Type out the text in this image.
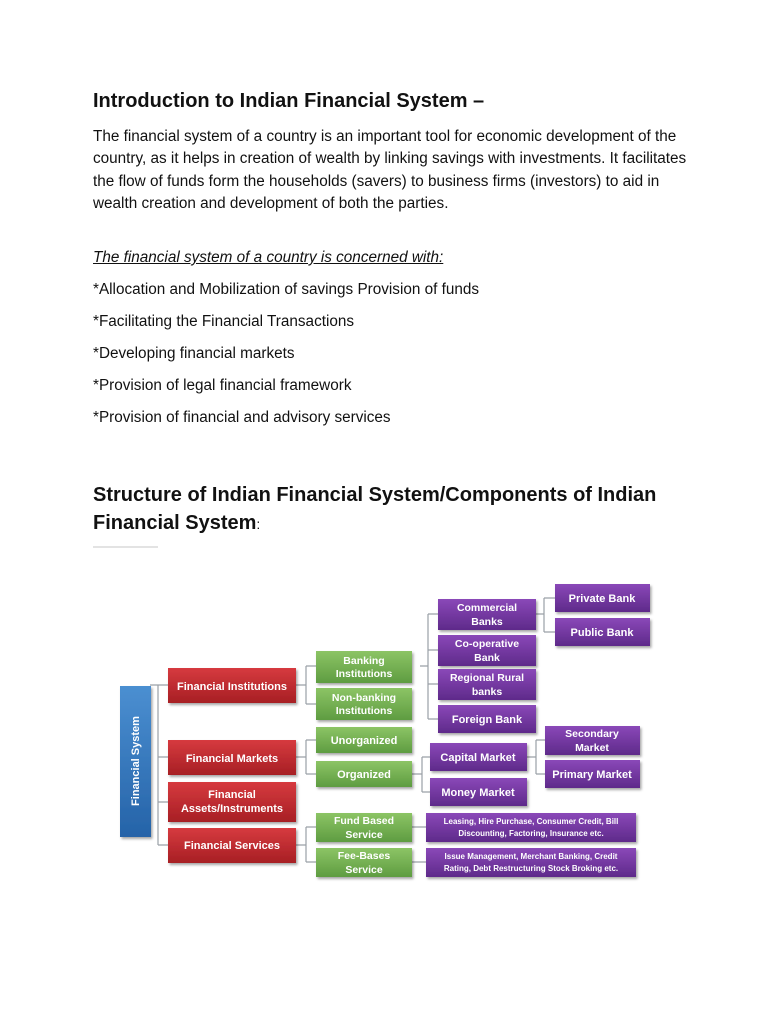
Introduction to Indian Financial System –

The financial system of a country is an important tool for economic development of the country, as it helps in creation of wealth by linking savings with investments. It facilitates the flow of funds form the households (savers) to business firms (investors) to aid in wealth creation and development of both the parties.

The financial system of a country is concerned with:

*Allocation and Mobilization of savings Provision of funds

*Facilitating the Financial Transactions

*Developing financial markets

*Provision of legal financial framework

*Provision of financial and advisory services

Structure of Indian Financial System/Components of Indian Financial System:
Financial System
Financial Institutions
Financial Markets
Financial
Assets/Instruments
Financial Services
Banking
Institutions
Non-banking
Institutions
Unorganized
Organized
Fund Based
Service
Fee-Bases
Service
Commercial
Banks
Co-operative
Bank
Regional Rural
banks
Foreign Bank
Private Bank
Public Bank
Capital Market
Money Market
Secondary
Market
Primary Market
Leasing, Hire Purchase, Consumer Credit, Bill
Discounting, Factoring, Insurance etc.
Issue Management, Merchant Banking, Credit
Rating, Debt Restructuring Stock Broking etc.
